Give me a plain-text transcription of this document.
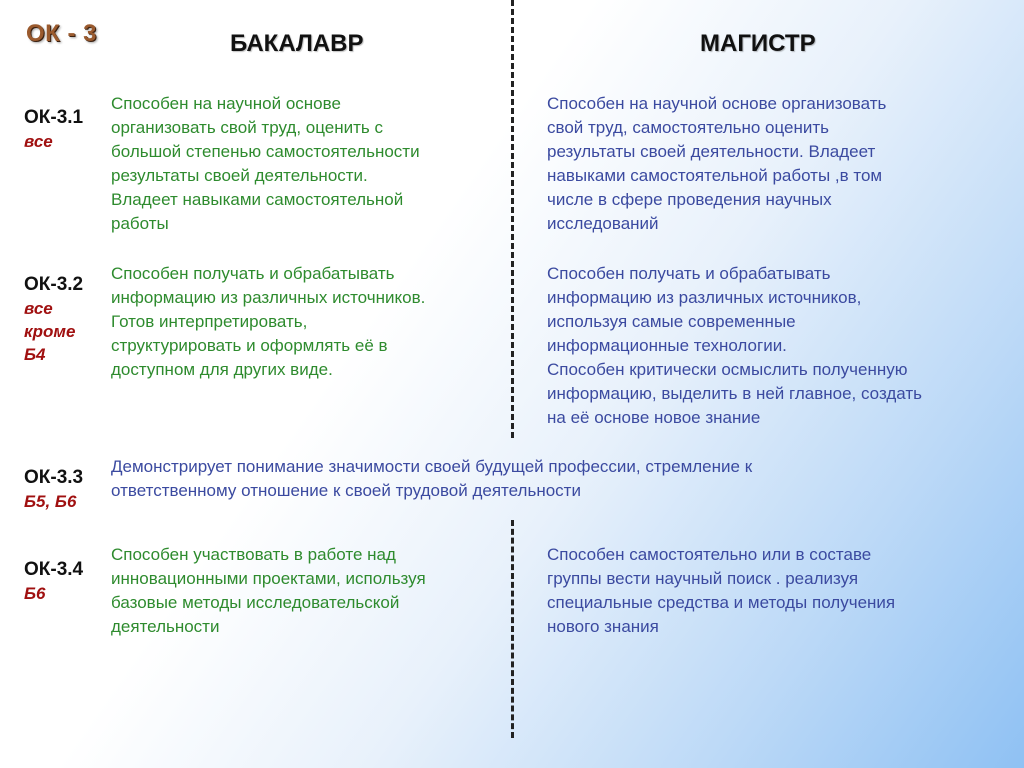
ОК - 3	БАКАЛАВР	МАГИСТР
ОК-3.1
все
Способен на научной основе
организовать свой труд, оценить с
большой степенью самостоятельности
результаты своей деятельности.
Владеет навыками самостоятельной
работы
Способен на научной основе организовать
свой труд, самостоятельно оценить
результаты своей деятельности. Владеет
навыками самостоятельной работы ,в том
числе в сфере проведения научных
исследований
ОК-3.2
все
кроме
Б4
Способен получать и обрабатывать
информацию из различных источников.
Готов интерпретировать,
структурировать и оформлять её в
доступном для других виде.
Способен получать и обрабатывать
информацию из различных источников,
используя самые современные
информационные технологии.
Способен критически осмыслить полученную
информацию, выделить в ней главное, создать
на её основе новое знание
ОК-3.3
Б5, Б6
Демонстрирует понимание значимости своей будущей профессии, стремление к
ответственному отношение к своей трудовой деятельности
ОК-3.4
Б6
Способен участвовать в работе над
инновационными проектами, используя
базовые методы исследовательской
деятельности
Способен самостоятельно или в составе
группы вести научный поиск . реализуя
специальные средства и методы получения
нового знания
